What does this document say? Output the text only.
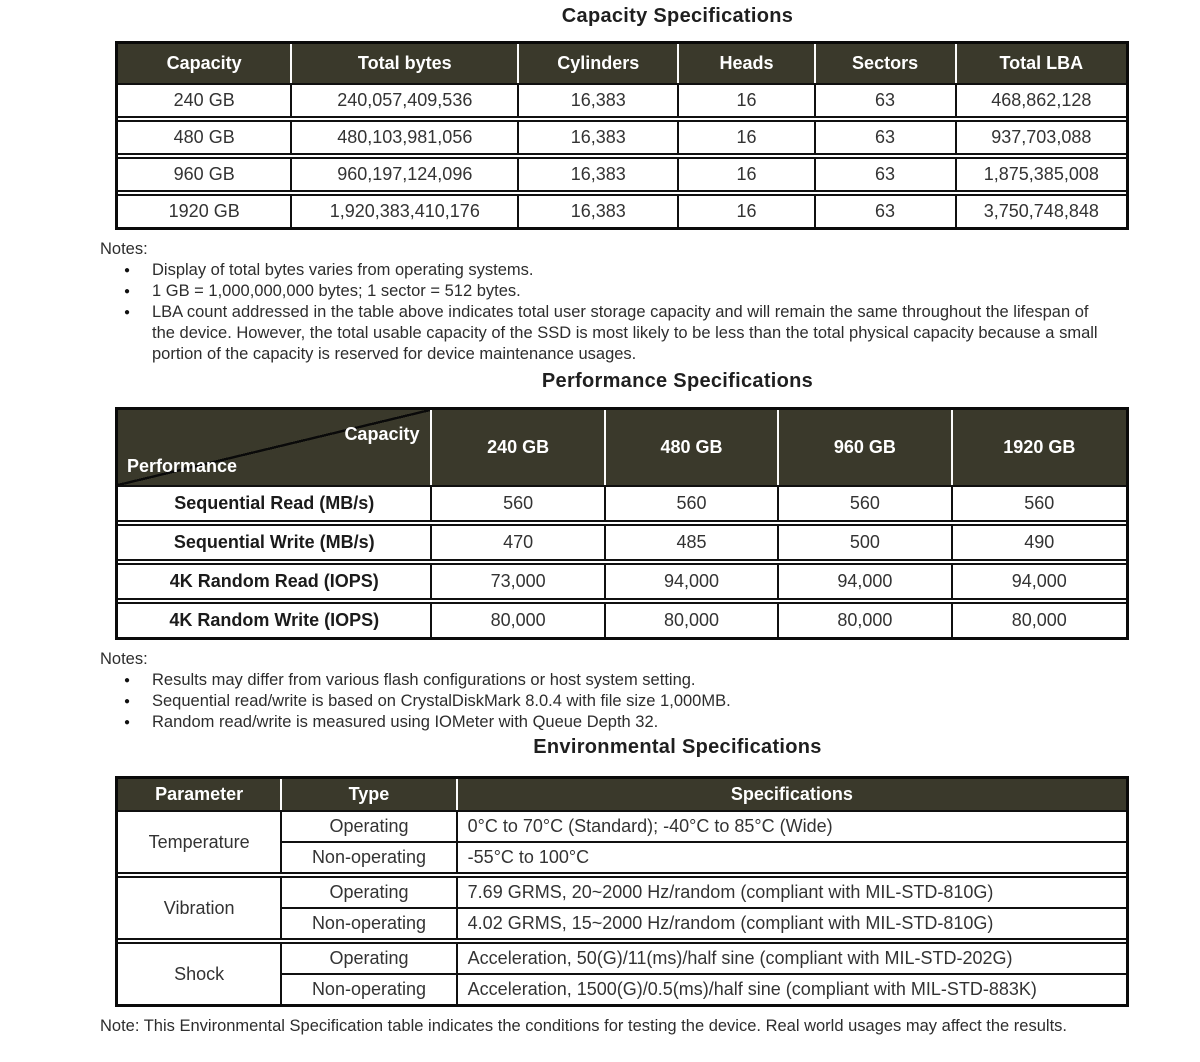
Capacity Specifications
Capacity	Total bytes	Cylinders	Heads	Sectors	Total LBA
240 GB	240,057,409,536	16,383	16	63	468,862,128
480 GB	480,103,981,056	16,383	16	63	937,703,088
960 GB	960,197,124,096	16,383	16	63	1,875,385,008
1920 GB	1,920,383,410,176	16,383	16	63	3,750,748,848
Notes:
●	Display of total bytes varies from operating systems.
●	1 GB = 1,000,000,000 bytes; 1 sector = 512 bytes.
●	LBA count addressed in the table above indicates total user storage capacity and will remain the same throughout the lifespan of the device. However, the total usable capacity of the SSD is most likely to be less than the total physical capacity because a small portion of the capacity is reserved for device maintenance usages.
Performance Specifications
Capacity
Performance	240 GB	480 GB	960 GB	1920 GB
Sequential Read (MB/s)	560	560	560	560
Sequential Write (MB/s)	470	485	500	490
4K Random Read (IOPS)	73,000	94,000	94,000	94,000
4K Random Write (IOPS)	80,000	80,000	80,000	80,000
Notes:
●	Results may differ from various flash configurations or host system setting.
●	Sequential read/write is based on CrystalDiskMark 8.0.4 with file size 1,000MB.
●	Random read/write is measured using IOMeter with Queue Depth 32.
Environmental Specifications
Parameter	Type	Specifications
Temperature	Operating	0°C to 70°C (Standard); -40°C to 85°C (Wide)
	Non-operating	-55°C to 100°C
Vibration	Operating	7.69 GRMS, 20~2000 Hz/random (compliant with MIL-STD-810G)
	Non-operating	4.02 GRMS, 15~2000 Hz/random (compliant with MIL-STD-810G)
Shock	Operating	Acceleration, 50(G)/11(ms)/half sine (compliant with MIL-STD-202G)
	Non-operating	Acceleration, 1500(G)/0.5(ms)/half sine (compliant with MIL-STD-883K)

Note: This Environmental Specification table indicates the conditions for testing the device. Real world usages may affect the results.
